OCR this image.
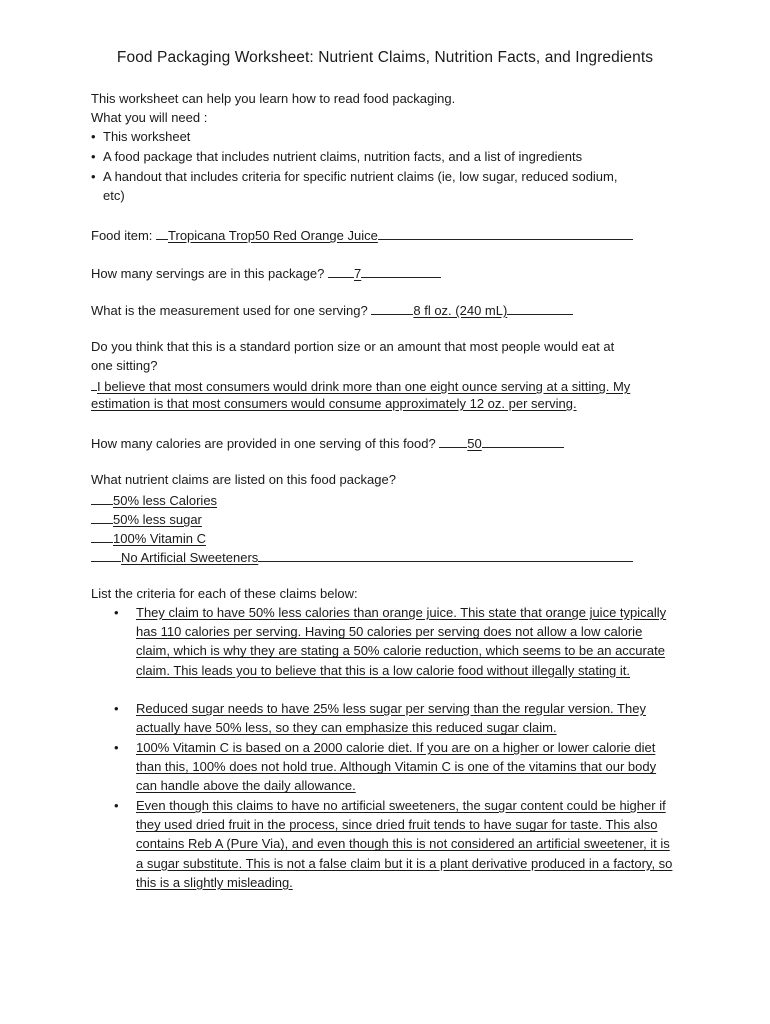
Food Packaging Worksheet: Nutrient Claims, Nutrition Facts, and Ingredients
This worksheet can help you learn how to read food packaging.
What you will need :
• This worksheet
• A food package that includes nutrient claims, nutrition facts, and a list of ingredients
• A handout that includes criteria for specific nutrient claims (ie, low sugar, reduced sodium,
etc)
Food item: Tropicana Trop50 Red Orange Juice
How many servings are in this package? 7
What is the measurement used for one serving?	8 fl oz. (240 mL)
Do you think that this is a standard portion size or an amount that most people would eat at
one sitting?
I believe that most consumers would drink more than one eight ounce serving at a sitting. My
estimation is that most consumers would consume approximately 12 oz. per serving.
How many calories are provided in one serving of this food? 50
What nutrient claims are listed on this food package?
50% less Calories
50% less sugar
100% Vitamin C
No Artificial Sweeteners
List the criteria for each of these claims below:
• They claim to have 50% less calories than orange juice. This state that orange juice typically has 110 calories per serving. Having 50 calories per serving does not allow a low calorie claim, which is why they are stating a 50% calorie reduction, which seems to be an accurate claim. This leads you to believe that this is a low calorie food without illegally stating it.
• Reduced sugar needs to have 25% less sugar per serving than the regular version. They actually have 50% less, so they can emphasize this reduced sugar claim.
• 100% Vitamin C is based on a 2000 calorie diet. If you are on a higher or lower calorie diet than this, 100% does not hold true. Although Vitamin C is one of the vitamins that our body can handle above the daily allowance.
• Even though this claims to have no artificial sweeteners, the sugar content could be higher if they used dried fruit in the process, since dried fruit tends to have sugar for taste. This also contains Reb A (Pure Via), and even though this is not considered an artificial sweetener, it is a sugar substitute. This is not a false claim but it is a plant derivative produced in a factory, so this is a slightly misleading.
